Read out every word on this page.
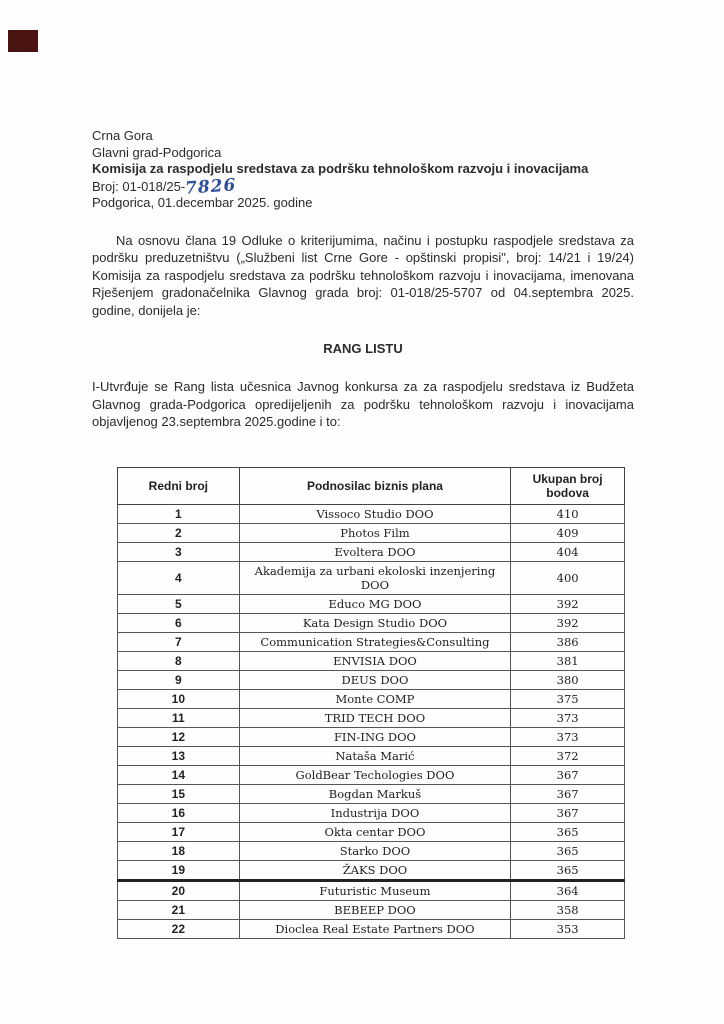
Crna Gora
Glavni grad-Podgorica
Komisija za raspodjelu sredstava za podršku tehnološkom razvoju i inovacijama
Broj: 01-018/25-7826
Podgorica, 01.decembar 2025. godine
Na osnovu člana 19 Odluke o kriterijumima, načinu i postupku raspodjele sredstava za podršku preduzetništvu („Službeni list Crne Gore - opštinski propisi", broj: 14/21 i 19/24) Komisija za raspodjelu sredstava za podršku tehnološkom razvoju i inovacijama, imenovana Rješenjem gradonačelnika Glavnog grada broj: 01-018/25-5707 od 04.septembra 2025. godine, donijela je:
RANG LISTU
I-Utvrđuje se Rang lista učesnica Javnog konkursa za za raspodjelu sredstava iz Budžeta Glavnog grada-Podgorica opredijeljenih za podršku tehnološkom razvoju i inovacijama objavljenog 23.septembra 2025.godine i to:
Redni broj	Podnosilac biznis plana	Ukupan broj bodova
1	Vissoco Studio DOO	410
2	Photos Film	409
3	Evoltera DOO	404
4	Akademija za urbani ekoloski inzenjering DOO	400
5	Educo MG DOO	392
6	Kata Design Studio DOO	392
7	Communication Strategies&Consulting	386
8	ENVISIA DOO	381
9	DEUS DOO	380
10	Monte COMP	375
11	TRID TECH DOO	373
12	FIN-ING DOO	373
13	Nataša Marić	372
14	GoldBear Techologies DOO	367
15	Bogdan Markuš	367
16	Industrija DOO	367
17	Okta centar DOO	365
18	Starko DOO	365
19	ŽAKS DOO	365
20	Futuristic Museum	364
21	BEBEEP DOO	358
22	Dioclea Real Estate Partners DOO	353
